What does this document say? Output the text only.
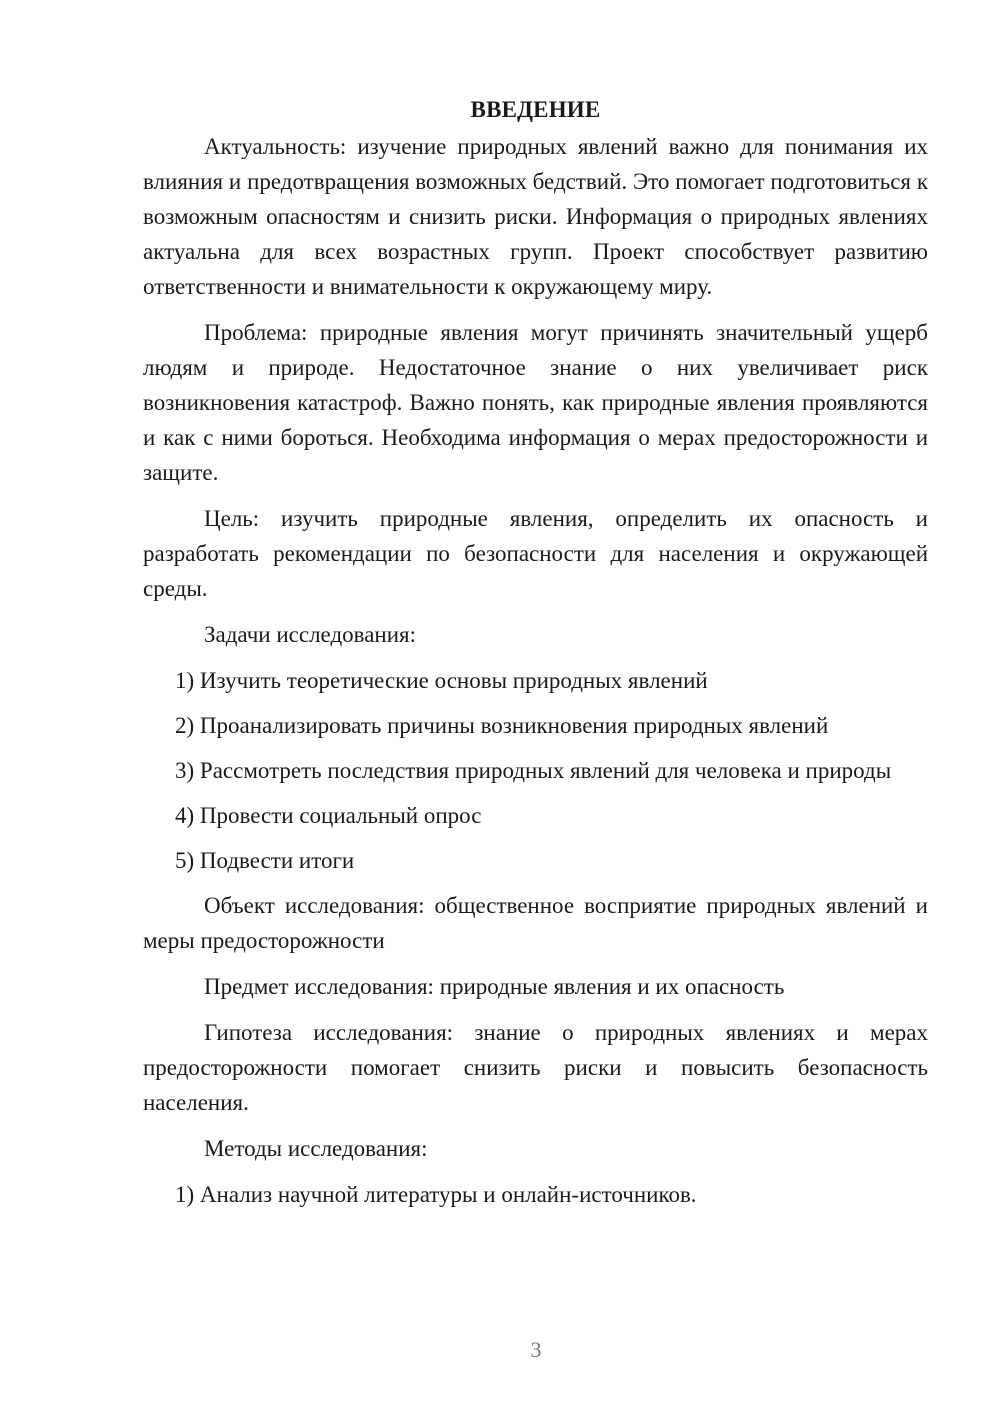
ВВЕДЕНИЕ

Актуальность: изучение природных явлений важно для понимания их влияния и предотвращения возможных бедствий. Это помогает подготовиться к возможным опасностям и снизить риски. Информация о природных явлениях актуальна для всех возрастных групп. Проект способствует развитию ответственности и внимательности к окружающему миру.

Проблема: природные явления могут причинять значительный ущерб людям и природе. Недостаточное знание о них увеличивает риск возникновения катастроф. Важно понять, как природные явления проявляются и как с ними бороться. Необходима информация о мерах предосторожности и защите.

Цель: изучить природные явления, определить их опасность и разработать рекомендации по безопасности для населения и окружающей среды.

Задачи исследования:

1) Изучить теоретические основы природных явлений

2) Проанализировать причины возникновения природных явлений

3) Рассмотреть последствия природных явлений для человека и природы

4) Провести социальный опрос

5) Подвести итоги

Объект исследования: общественное восприятие природных явлений и меры предосторожности

Предмет исследования: природные явления и их опасность

Гипотеза исследования: знание о природных явлениях и мерах предосторожности помогает снизить риски и повысить безопасность населения.

Методы исследования:

1) Анализ научной литературы и онлайн-источников.

3
